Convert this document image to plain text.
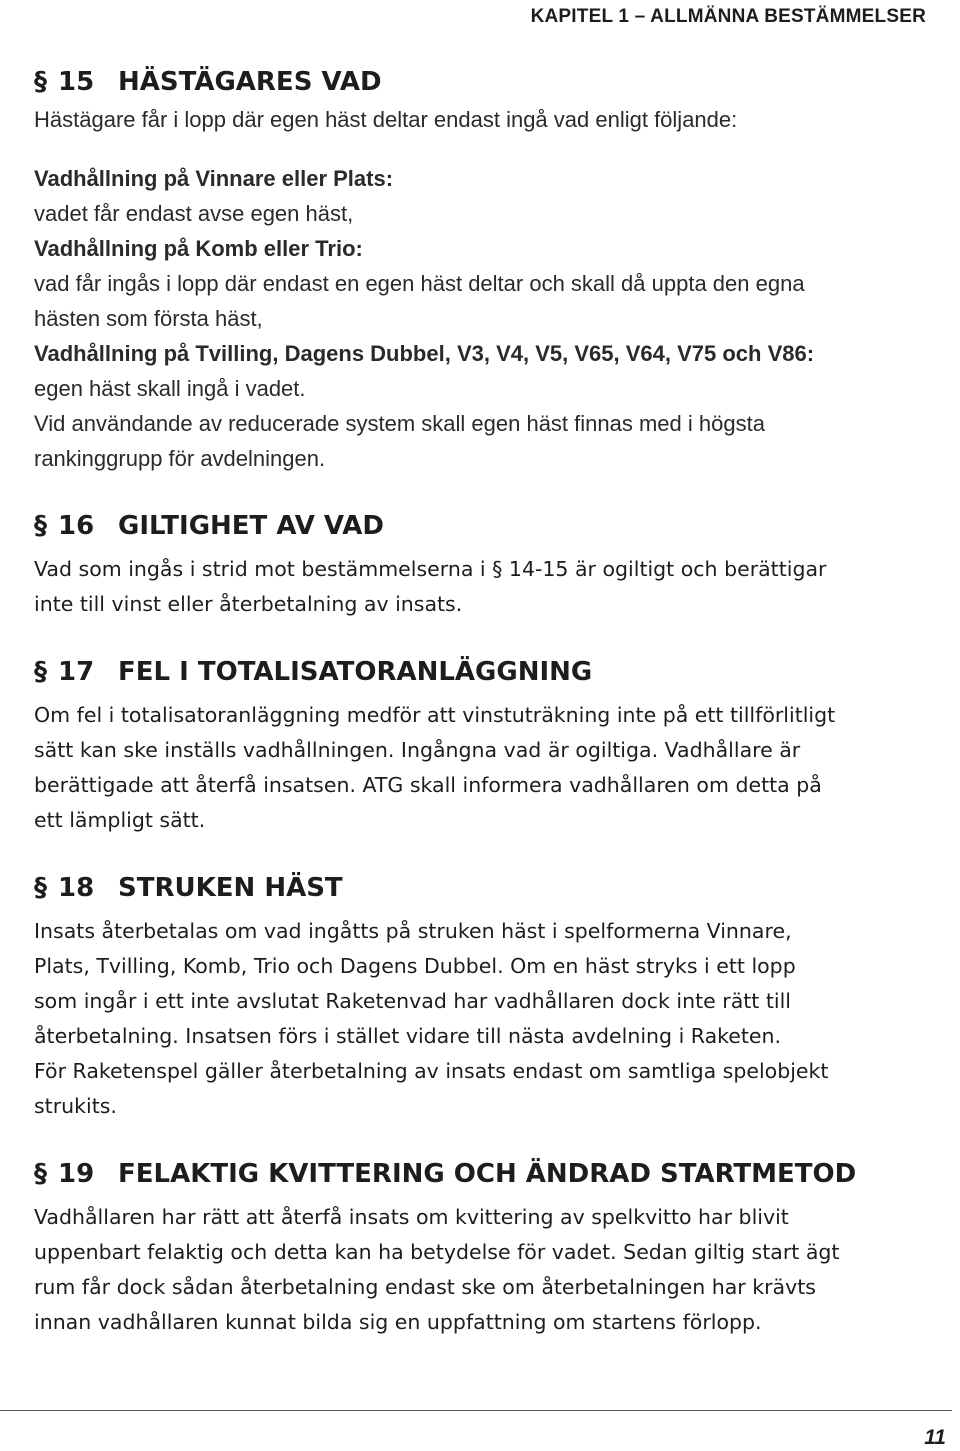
KAPITEL 1 – ALLMÄNNA BESTÄMMELSER
§ 15 HÄSTÄGARES VAD

Hästägare får i lopp där egen häst deltar endast ingå vad enligt följande:

Vadhållning på Vinnare eller Plats:

vadet får endast avse egen häst,

Vadhållning på Komb eller Trio:

vad får ingås i lopp där endast en egen häst deltar och skall då uppta den egna

hästen som första häst,

Vadhållning på Tvilling, Dagens Dubbel, V3, V4, V5, V65, V64, V75 och V86:

egen häst skall ingå i vadet.

Vid användande av reducerade system skall egen häst finnas med i högsta

rankinggrupp för avdelningen.

§ 16 GILTIGHET AV VAD

Vad som ingås i strid mot bestämmelserna i § 14-15 är ogiltigt och berättigar

inte till vinst eller återbetalning av insats.

§ 17 FEL I TOTALISATORANLÄGGNING

Om fel i totalisatoranläggning medför att vinstuträkning inte på ett tillförlitligt

sätt kan ske inställs vadhållningen. Ingångna vad är ogiltiga. Vadhållare är

berättigade att återfå insatsen. ATG skall informera vadhållaren om detta på

ett lämpligt sätt.

§ 18 STRUKEN HÄST

Insats återbetalas om vad ingåtts på struken häst i spelformerna Vinnare,

Plats, Tvilling, Komb, Trio och Dagens Dubbel. Om en häst stryks i ett lopp

som ingår i ett inte avslutat Raketenvad har vadhållaren dock inte rätt till

återbetalning. Insatsen förs i stället vidare till nästa avdelning i Raketen.

För Raketenspel gäller återbetalning av insats endast om samtliga spelobjekt

strukits.

§ 19 FELAKTIG KVITTERING OCH ÄNDRAD STARTMETOD

Vadhållaren har rätt att återfå insats om kvittering av spelkvitto har blivit

uppenbart felaktig och detta kan ha betydelse för vadet. Sedan giltig start ägt

rum får dock sådan återbetalning endast ske om återbetalningen har krävts

innan vadhållaren kunnat bilda sig en uppfattning om startens förlopp.

11
